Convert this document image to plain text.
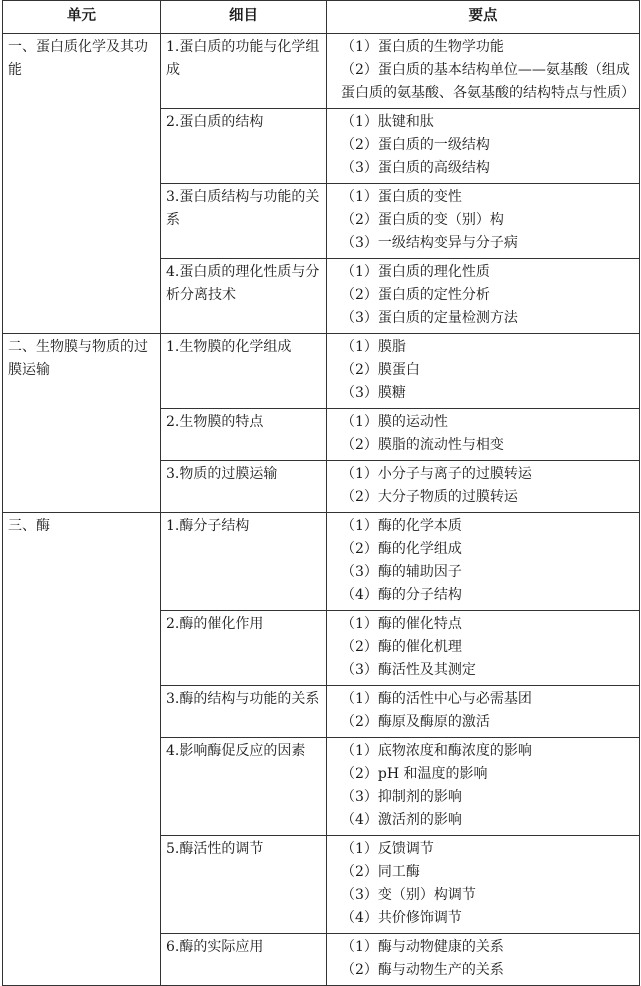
单元	细目	要点

一、蛋白质化学及其功能	1.蛋白质的功能与化学组成	（1）蛋白质的生物学功能
（2）蛋白质的基本结构单位——氨基酸（组成蛋白质的氨基酸、各氨基酸的结构特点与性质）

	2.蛋白质的结构	（1）肽键和肽
（2）蛋白质的一级结构
（3）蛋白质的高级结构

	3.蛋白质结构与功能的关系	（1）蛋白质的变性
（2）蛋白质的变（别）构
（3）一级结构变异与分子病

	4.蛋白质的理化性质与分析分离技术	（1）蛋白质的理化性质
（2）蛋白质的定性分析
（3）蛋白质的定量检测方法

二、生物膜与物质的过膜运输	1.生物膜的化学组成	（1）膜脂
（2）膜蛋白
（3）膜糖

	2.生物膜的特点	（1）膜的运动性
（2）膜脂的流动性与相变

	3.物质的过膜运输	（1）小分子与离子的过膜转运
（2）大分子物质的过膜转运

三、酶	1.酶分子结构	（1）酶的化学本质
（2）酶的化学组成
（3）酶的辅助因子
（4）酶的分子结构

	2.酶的催化作用	（1）酶的催化特点
（2）酶的催化机理
（3）酶活性及其测定

	3.酶的结构与功能的关系	（1）酶的活性中心与必需基团
（2）酶原及酶原的激活

	4.影响酶促反应的因素	（1）底物浓度和酶浓度的影响
（2）pH 和温度的影响
（3）抑制剂的影响
（4）激活剂的影响

	5.酶活性的调节	（1）反馈调节
（2）同工酶
（3）变（别）构调节
（4）共价修饰调节

	6.酶的实际应用	（1）酶与动物健康的关系
（2）酶与动物生产的关系
